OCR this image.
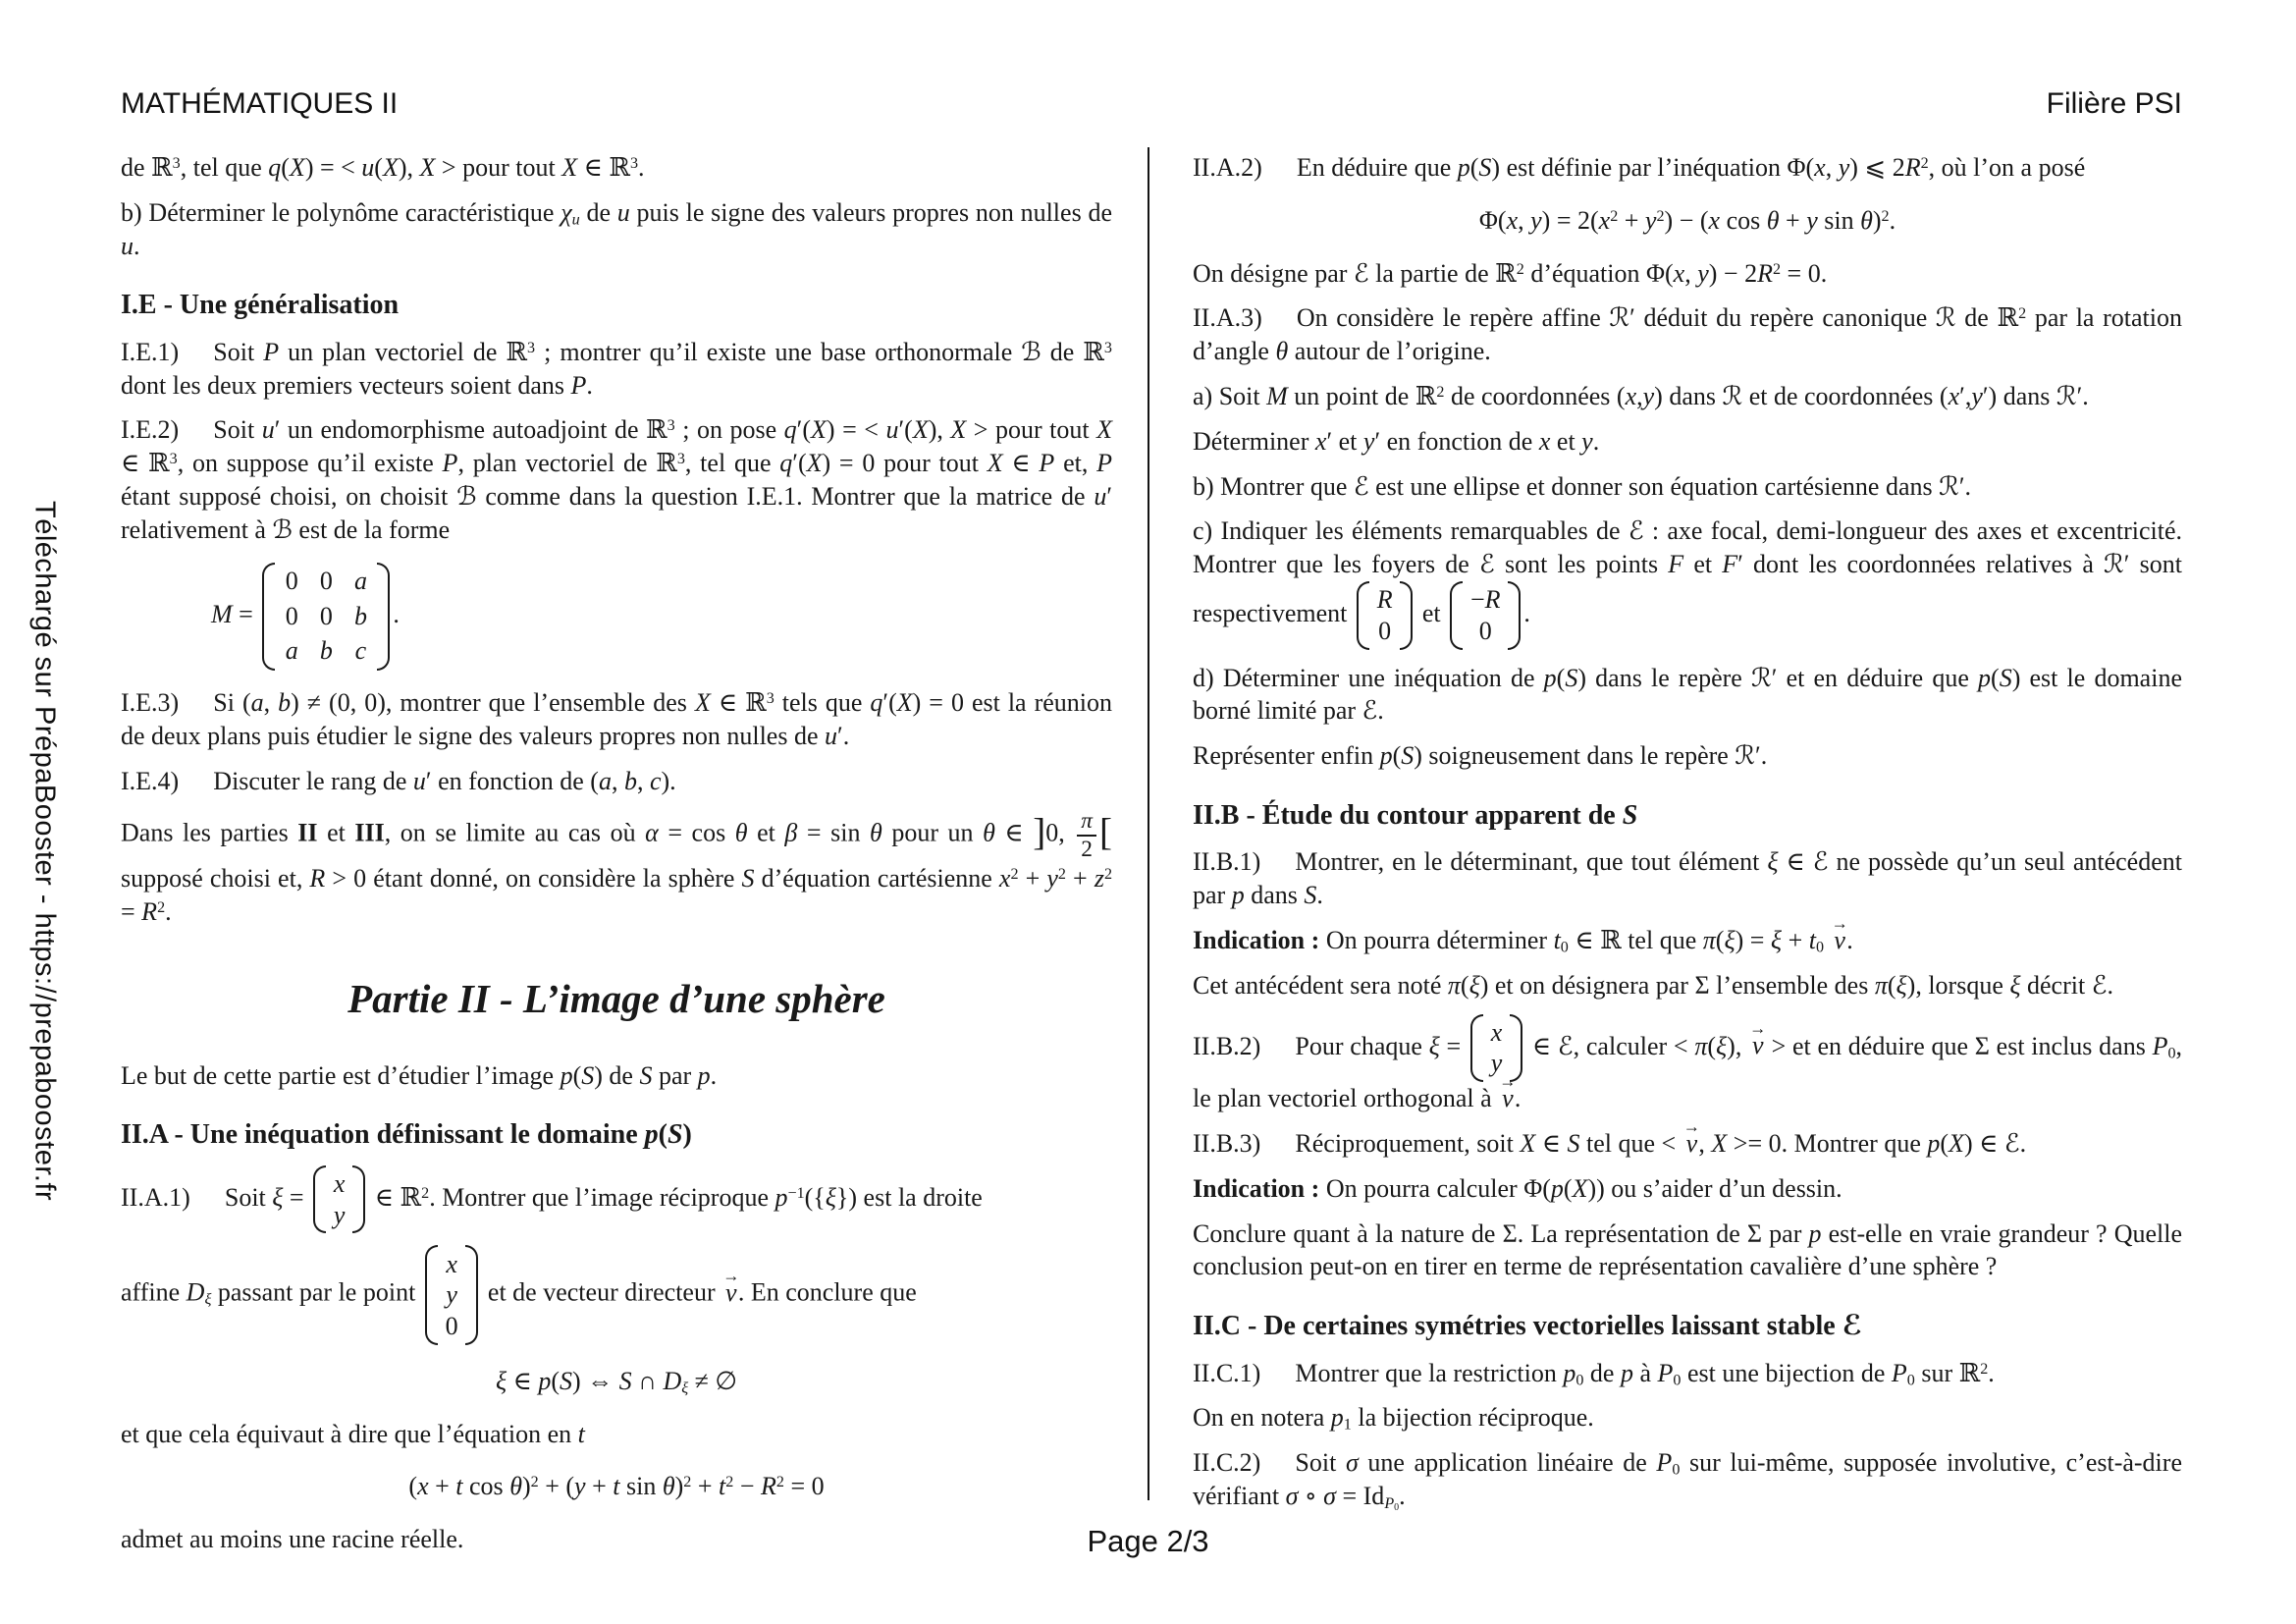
Téléchargé sur PrépaBooster - https://prepabooster.fr
MATHÉMATIQUES II	Filière PSI
de ℝ$^3$, tel que q(X) = < u(X), X > pour tout X ∈ ℝ$^3$.
b) Déterminer le polynôme caractéristique $\chi_u$ de u puis le signe des valeurs propres non nulles de u.
I.E - Une généralisation
I.E.1) Soit P un plan vectoriel de ℝ$^3$ ; montrer qu’il existe une base orthonormale ℬ de ℝ$^3$ dont les deux premiers vecteurs soient dans P.
I.E.2) Soit u′ un endomorphisme autoadjoint de ℝ$^3$ ; on pose q′(X) = < u′(X), X > pour tout X ∈ ℝ$^3$, on suppose qu’il existe P, plan vectoriel de ℝ$^3$, tel que q′(X) = 0 pour tout X ∈ P et, P étant supposé choisi, on choisit ℬ comme dans la question I.E.1. Montrer que la matrice de u′ relativement à ℬ est de la forme
M =
0 0 a
0 0 b
a b c
.
I.E.3) Si (a, b) ≠ (0, 0), montrer que l’ensemble des X ∈ ℝ$^3$ tels que q′(X) = 0 est la réunion de deux plans puis étudier le signe des valeurs propres non nulles de u′.
I.E.4) Discuter le rang de u′ en fonction de (a, b, c).
Dans les parties II et III, on se limite au cas où α = cos θ et β = sin θ pour un θ ∈ ]0, $\frac{\pi}{2}$ [ supposé choisi et, R > 0 étant donné, on considère la sphère S d’équation cartésienne $x^2 + y^2 + z^2 = R^2$.
Partie II - L’image d’une sphère
Le but de cette partie est d’étudier l’image p(S) de S par p.
II.A - Une inéquation définissant le domaine p(S)
II.A.1) Soit ξ = x
y
∈ ℝ$^2$. Montrer que l’image réciproque $p^{-1}(\{\xi\})$ est la droite
affine $D_\xi$ passant par le point
x
y
0
et de vecteur directeur ν →. En conclure que
ξ ∈ p(S) ⇔ S ∩ $D_\xi$ ≠ ∅
et que cela équivaut à dire que l’équation en t
(x + t cos θ)$^2$ + (y + t $\sin \theta)^2 + t^2 - R^2 = 0$
admet au moins une racine réelle.
II.A.2) En déduire que p(S) est définie par l’inéquation Φ(x, y) ⩽ $2R^2$, où l’on a posé
Φ(x, $y) = 2(x^2 + y^2) - (x$ cos θ + y sin θ)$^2$.
On désigne par ℰ la partie de ℝ$^2$ d’équation Φ(x, $y) - 2R^2 = 0$.
II.A.3) On considère le repère affine ℛ′ déduit du repère canonique ℛ de ℝ$^2$ par la rotation d’angle θ autour de l’origine.
a) Soit M un point de ℝ$^2$ de coordonnées (x,y) dans ℛ et de coordonnées (x′,y′) dans ℛ′.
Déterminer x′ et y′ en fonction de x et y.
b) Montrer que ℰ est une ellipse et donner son équation cartésienne dans ℛ′.
c) Indiquer les éléments remarquables de ℰ : axe focal, demi-longueur des axes et excentricité. Montrer que les foyers de ℰ sont les points F et F′ dont les coordonnées relatives à ℛ′ sont respectivement R
0
et −R
0
.
d) Déterminer une inéquation de p(S) dans le repère ℛ′ et en déduire que p(S) est le domaine borné limité par ℰ.
Représenter enfin p(S) soigneusement dans le repère ℛ′.
II.B - Étude du contour apparent de S
II.B.1) Montrer, en le déterminant, que tout élément ξ ∈ ℰ ne possède qu’un seul antécédent par p dans S.
Indication : On pourra déterminer $t_0$ ∈ ℝ tel que $\pi(\xi) = \xi + t_0$ ν →.
Cet antécédent sera noté π(ξ) et on désignera par Σ l’ensemble des π(ξ), lorsque ξ décrit ℰ.
II.B.2) Pour chaque ξ = x
y
∈ ℰ, calculer < π(ξ), ν → > et en déduire que Σ est inclus dans $P_0$, le plan vectoriel orthogonal à ν →.
II.B.3) Réciproquement, soit X ∈ S tel que < ν →, X >= 0. Montrer que p(X) ∈ ℰ.
Indication : On pourra calculer Φ(p(X)) ou s’aider d’un dessin.
Conclure quant à la nature de Σ. La représentation de Σ par p est-elle en vraie grandeur ? Quelle conclusion peut-on en tirer en terme de représentation cavalière d’une sphère ?
II.C - De certaines symétries vectorielles laissant stable ℰ
II.C.1) Montrer que la restriction $p_0$ de p à $P_0$ est une bijection de $P_0$ sur ℝ$^2$.
On en notera $p_1$ la bijection réciproque.
II.C.2) Soit σ une application linéaire de $P_0$ sur lui-même, supposée involutive, c’est-à-dire vérifiant σ ∘ $\sigma = Id_{P_0}$.
Page 2/3
